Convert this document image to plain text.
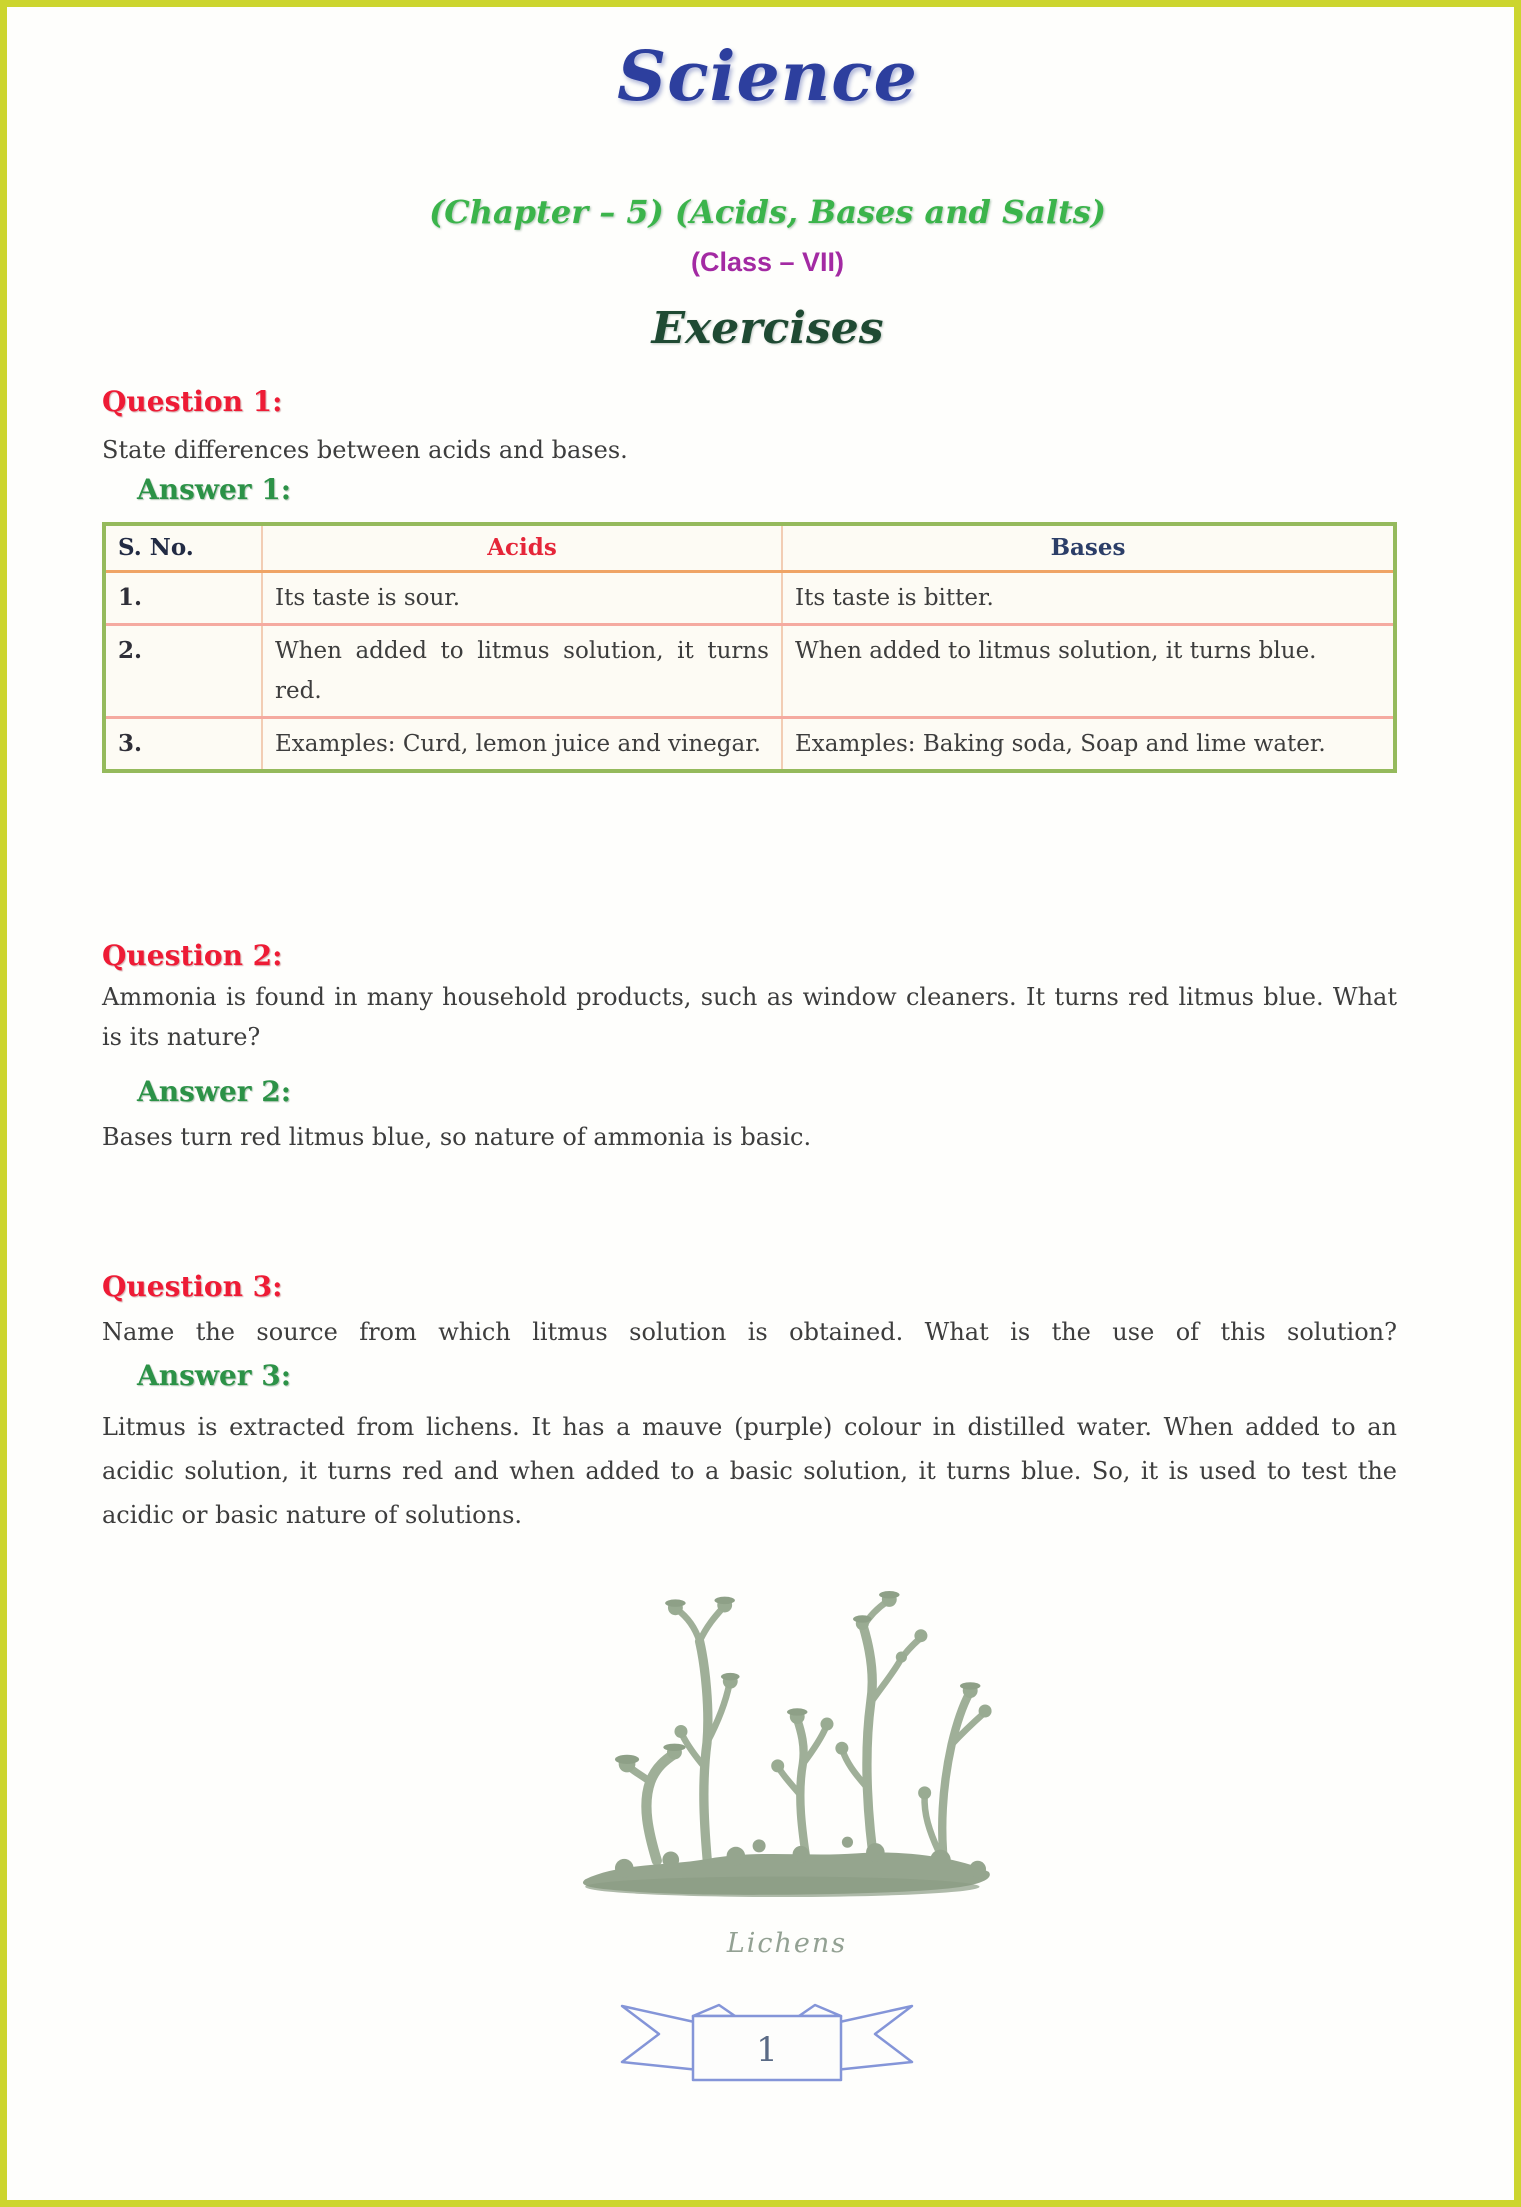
Science
(Chapter – 5) (Acids, Bases and Salts)
(Class – VII)
Exercises
Question 1:
State differences between acids and bases.
Answer 1:
S. No.	Acids	Bases
1.	Its taste is sour.	Its taste is bitter.
2.	When added to litmus solution, it turns red.	When added to litmus solution, it turns blue.
3.	Examples: Curd, lemon juice and vinegar.	Examples: Baking soda, Soap and lime water.
Question 2:
Ammonia is found in many household products, such as window cleaners. It turns red litmus blue. What is its nature?
Answer 2:
Bases turn red litmus blue, so nature of ammonia is basic.
Question 3:
Name the source from which litmus solution is obtained. What is the use of this solution?
Answer 3:
Litmus is extracted from lichens. It has a mauve (purple) colour in distilled water. When added to an acidic solution, it turns red and when added to a basic solution, it turns blue. So, it is used to test the acidic or basic nature of solutions.
Lichens
1
